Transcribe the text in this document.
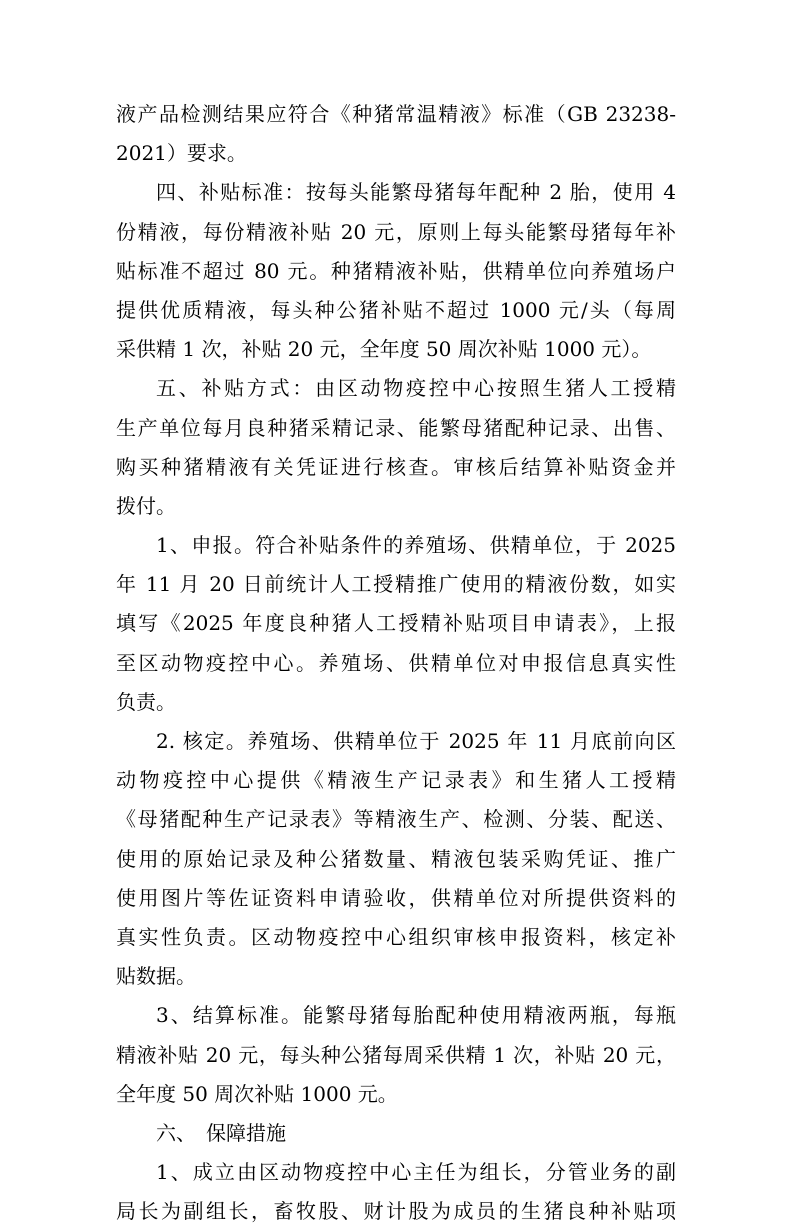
液产品检测结果应符合《种猪常温精液》标准（GB 23238-
2021）要求。
四、补贴标准：按每头能繁母猪每年配种 2 胎，使用 4
份精液，每份精液补贴 20 元，原则上每头能繁母猪每年补
贴标准不超过 80 元。种猪精液补贴，供精单位向养殖场户
提供优质精液，每头种公猪补贴不超过 1000 元/头（每周
采供精 1 次，补贴 20 元，全年度 50 周次补贴 1000 元）。
五、补贴方式：由区动物疫控中心按照生猪人工授精
生产单位每月良种猪采精记录、能繁母猪配种记录、出售、
购买种猪精液有关凭证进行核查。审核后结算补贴资金并
拨付。
1、申报。符合补贴条件的养殖场、供精单位，于 2025
年 11 月 20 日前统计人工授精推广使用的精液份数，如实
填写《2025 年度良种猪人工授精补贴项目申请表》，上报
至区动物疫控中心。养殖场、供精单位对申报信息真实性
负责。
2. 核定。养殖场、供精单位于 2025 年 11 月底前向区
动物疫控中心提供《精液生产记录表》和生猪人工授精
《母猪配种生产记录表》等精液生产、检测、分装、配送、
使用的原始记录及种公猪数量、精液包装采购凭证、推广
使用图片等佐证资料申请验收，供精单位对所提供资料的
真实性负责。区动物疫控中心组织审核申报资料，核定补
贴数据。
3、结算标准。能繁母猪每胎配种使用精液两瓶，每瓶
精液补贴 20 元，每头种公猪每周采供精 1 次，补贴 20 元，
全年度 50 周次补贴 1000 元。
六、　保障措施
1、成立由区动物疫控中心主任为组长，分管业务的副
局长为副组长，畜牧股、财计股为成员的生猪良种补贴项
